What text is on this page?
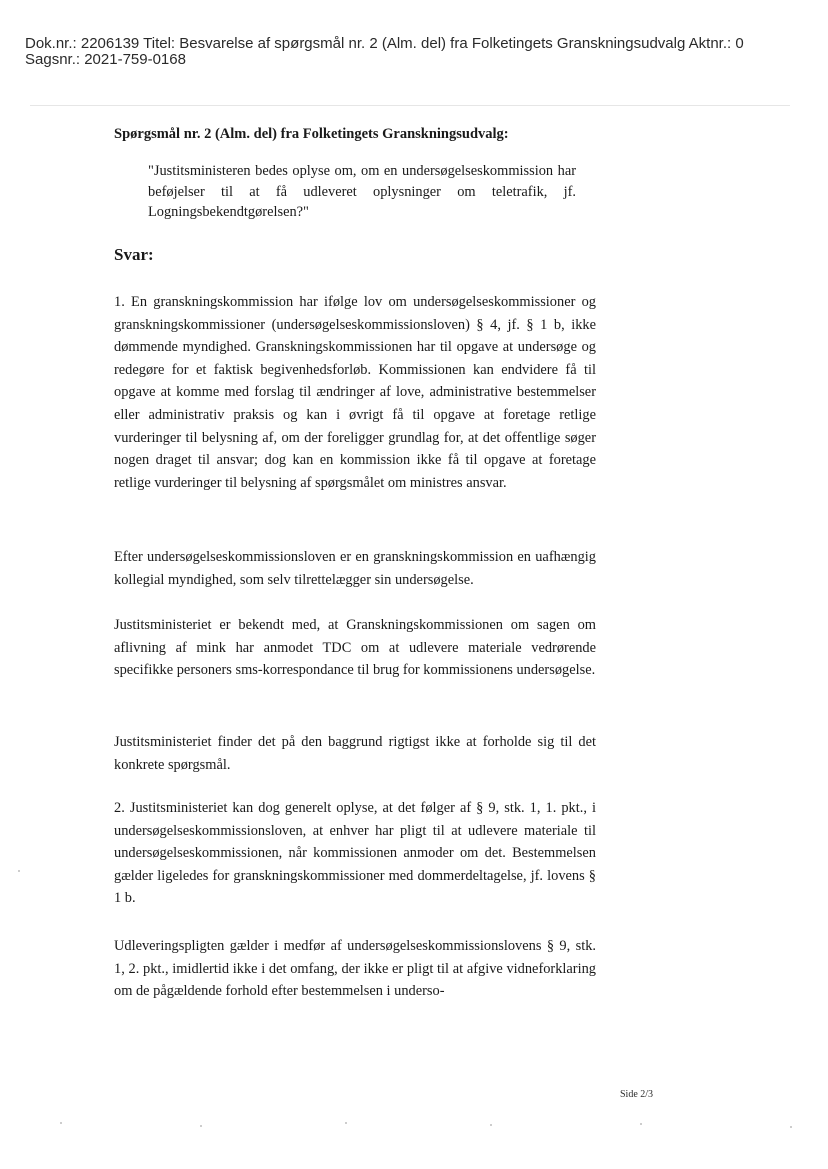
Dok.nr.: 2206139 Titel: Besvarelse af spørgsmål nr. 2 (Alm. del) fra Folketingets Granskningsudvalg Aktnr.: 0
Sagsnr.: 2021-759-0168
Spørgsmål nr. 2 (Alm. del) fra Folketingets Granskningsudvalg:
"Justitsministeren bedes oplyse om, om en undersøgelseskommission har beføjelser til at få udleveret oplysninger om teletrafik, jf. Logningsbekendtgørelsen?"
Svar:
1. En granskningskommission har ifølge lov om undersøgelseskommissioner og granskningskommissioner (undersøgelseskommissionsloven) § 4, jf. § 1 b, ikke dømmende myndighed. Granskningskommissionen har til opgave at undersøge og redegøre for et faktisk begivenhedsforløb. Kommissionen kan endvidere få til opgave at komme med forslag til ændringer af love, administrative bestemmelser eller administrativ praksis og kan i øvrigt få til opgave at foretage retlige vurderinger til belysning af, om der foreligger grundlag for, at det offentlige søger nogen draget til ansvar; dog kan en kommission ikke få til opgave at foretage retlige vurderinger til belysning af spørgsmålet om ministres ansvar.
Efter undersøgelseskommissionsloven er en granskningskommission en uafhængig kollegial myndighed, som selv tilrettelægger sin undersøgelse.
Justitsministeriet er bekendt med, at Granskningskommissionen om sagen om aflivning af mink har anmodet TDC om at udlevere materiale vedrørende specifikke personers sms-korrespondance til brug for kommissionens undersøgelse.
Justitsministeriet finder det på den baggrund rigtigst ikke at forholde sig til det konkrete spørgsmål.
2. Justitsministeriet kan dog generelt oplyse, at det følger af § 9, stk. 1, 1. pkt., i undersøgelseskommissionsloven, at enhver har pligt til at udlevere materiale til undersøgelseskommissionen, når kommissionen anmoder om det. Bestemmelsen gælder ligeledes for granskningskommissioner med dommerdeltagelse, jf. lovens § 1 b.
Udleveringspligten gælder i medfør af undersøgelseskommissionslovens § 9, stk. 1, 2. pkt., imidlertid ikke i det omfang, der ikke er pligt til at afgive vidneforklaring om de pågældende forhold efter bestemmelsen i underso-
Side 2/3
